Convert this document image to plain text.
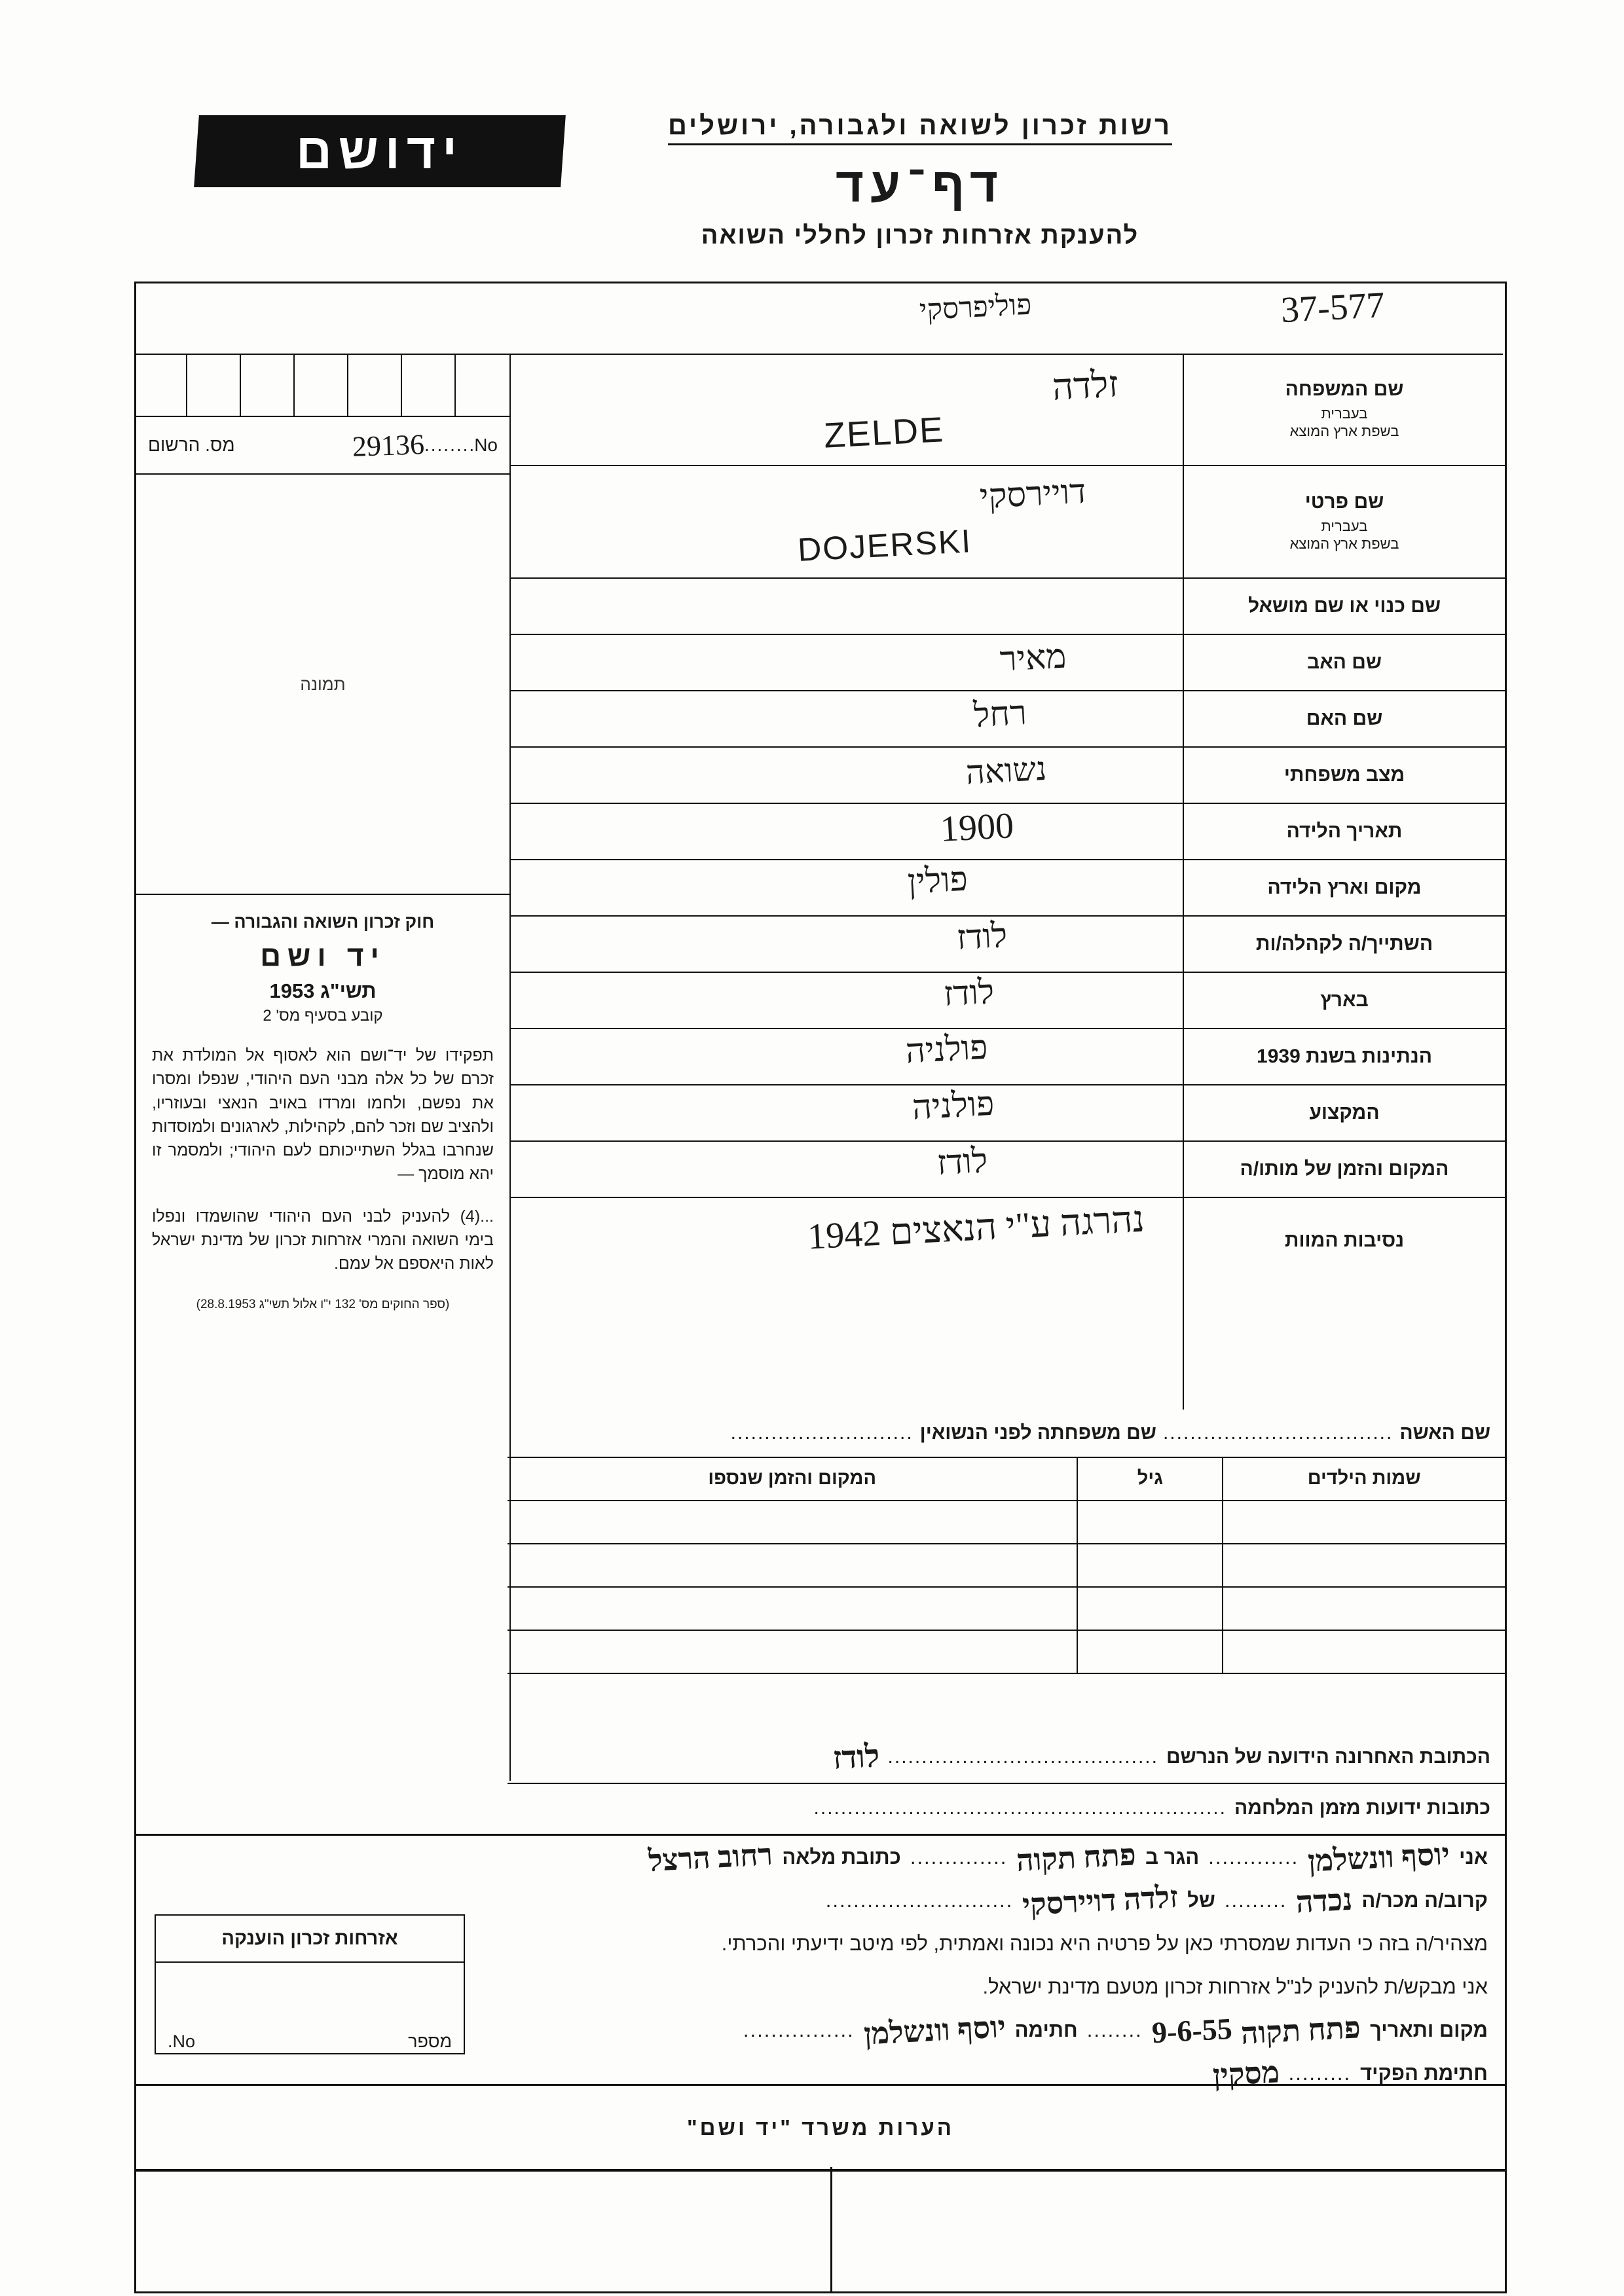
רשות זכרון לשואה ולגבורה, ירושלים
דף־עד
להענקת אזרחות זכרון לחללי השואה
ידושם
פוליפרסקי	37-577
שם המשפחה
בעברית
בשפת ארץ המוצא
שם פרטי
בעברית
בשפת ארץ המוצא
שם כנוי או שם מושאל
שם האב
שם האם
מצב משפחתי
תאריך הלידה
מקום וארץ הלידה
השתייך/ה לקהלה/ות
בארץ
הנתינות בשנת 1939
המקצוע
המקום והזמן של מותו/ה
נסיבות המוות
זלדה
ZELDE
דויירסקי
DOJERSKI
מאיר
רחל
נשואה
1900
פולין
לודז
לודז
פולניה
פולניה
לודז
נהרגה ע"י הנאצים 1942
No.
.......
29136
מס. הרשום
תמונה
חוק זכרון השואה והגבורה —
יד ושם
תשי"ג 1953
קובע בסעיף מס' 2
תפקידו של יד־ושם הוא לאסוף אל המולדת את זכרם של כל אלה מבני העם היהודי, שנפלו ומסרו את נפשם, ולחמו ומרדו באויב הנאצי ובעוזריו, ולהציב שם וזכר להם, לקהילות, לארגונים ולמוסדות שנחרבו בגלל השתייכותם לעם היהודי; ולמסמר זו יהא מוסמך —
...(4) להעניק לבני העם היהודי שהושמדו ונפלו בימי השואה והמרי אזרחות זכרון של מדינת ישראל לאות היאספם אל עמם.
(ספר החוקים מס' 132 י"ו אלול תשי"ג 28.8.1953)
שם האשה
..................................
שם משפחתה לפני הנשואין
...........................
שמות הילדים
גיל
המקום והזמן שנספו
הכתובת האחרונה הידועה של הנרשם
........................................
לודז
כתובות ידועות מזמן המלחמה
.............................................................
אני
יוסף וונשלמן
.............
הגר ב
פתח תקוה
..............
כתובת מלאה
רחוב הרצל
קרוב/ה מכר/ה
נכדה
.........
של
זלדה דויירסקי
...........................
מצהיר/ה בזה כי העדות שמסרתי כאן על פרטיה היא נכונה ואמתית, לפי מיטב ידיעתי והכרתי.
אני מבקש/ת להעניק לנ"ל אזרחות זכרון מטעם מדינת ישראל.
מקום ותאריך
פתח תקוה
9-6-55
........
חתימה
יוסף וונשלמן
................
חתימת הפקיד
.........
מסקין
אזרחות זכרון הוענקה
מספר
No.
הערות משרד "יד ושם"
